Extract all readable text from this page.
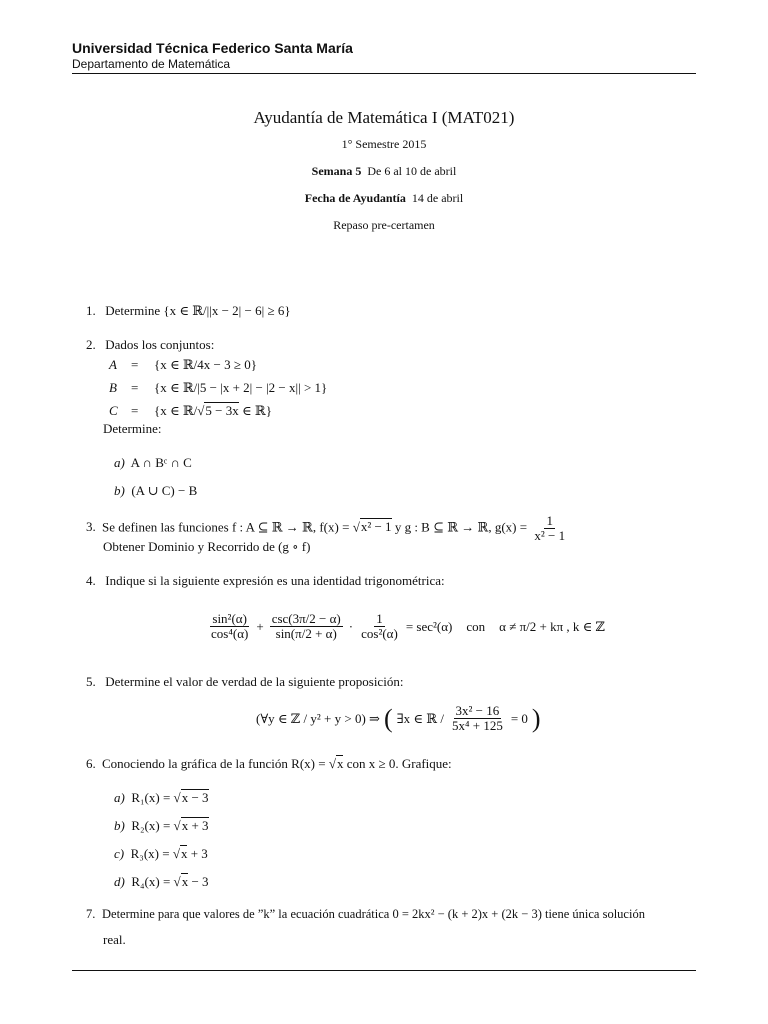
Universidad Técnica Federico Santa María
Departamento de Matemática
Ayudantía de Matemática I (MAT021)
1° Semestre 2015
Semana 5 De 6 al 10 de abril
Fecha de Ayudantía 14 de abril
Repaso pre-certamen
1. Determine {x ∈ ℝ/||x − 2| − 6| ≥ 6}
2. Dados los conjuntos:
A = {x ∈ ℝ/4x − 3 ≥ 0}
B = {x ∈ ℝ/|5 − |x + 2| − |2 − x|| > 1}
C = {x ∈ ℝ/√5 − 3x ∈ ℝ}
Determine:
a) A ∩ Bᶜ ∩ C
b) (A ∪ C) − B
3. Se definen las funciones f : A ⊆ ℝ → ℝ, f(x) = √x² − 1 y g : B ⊆ ℝ → ℝ, $g(x) = \frac{1}{\text{x² − 1}}$
Obtener Dominio y Recorrido de (g ∘ f)
4. Indique si la siguiente expresión es una identidad trigonométrica:
$\frac{\text{sin²(α)}}{\text{cos⁴(α)}} + \frac{\csc(3\pi/2 - \alpha)}{\sin(\pi/2 + \alpha)} \cdot \frac{1}{\text{cos²(α)}} = \sec^2(\alpha)$ con α ≠ π/2 + kπ , k ∈ ℤ
5. Determine el valor de verdad de la siguiente proposición:
(∀y ∈ ℤ / y² + y > 0) ⇒ ( ∃x ∈ ℝ / $\frac{\text{3x² − 16}}{\text{5x⁴ + 125}} = 0$ )
6. Conociendo la gráfica de la función R(x) = √x con x ≥ 0. Grafique:
a) R₁(x) = √x − 3
b) R₂(x) = √x + 3
c) R₃(x) = √x + 3
d) R₄(x) = √x − 3
7. Determine para que valores de ”k” la ecuación cuadrática 0 = 2kx² − (k + 2)x + (2k − 3) tiene única solución
real.
